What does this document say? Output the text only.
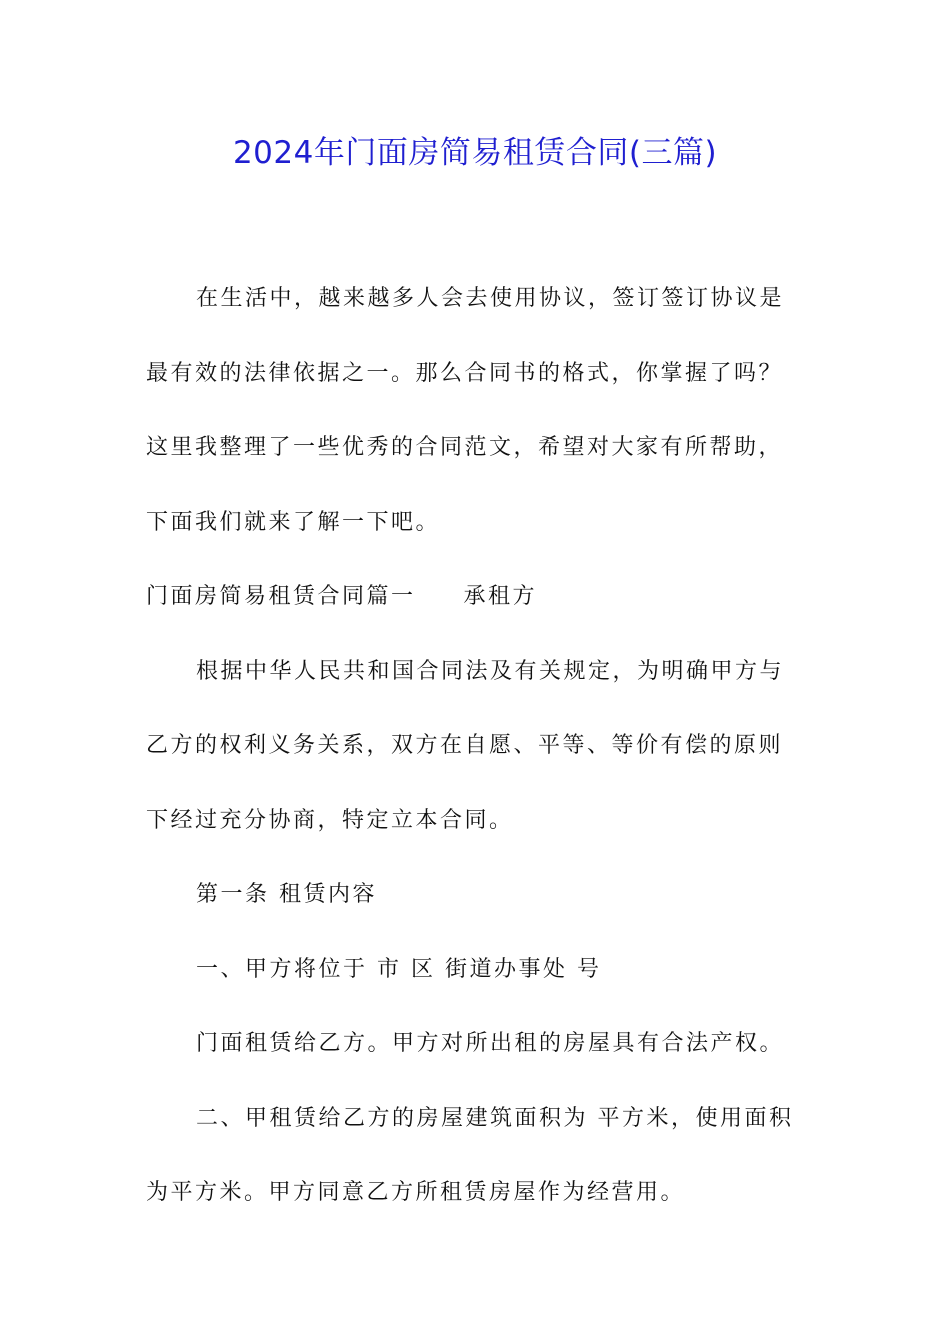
2024年门面房简易租赁合同(三篇)

在生活中，越来越多人会去使用协议，签订签订协议是最有效的法律依据之一。那么合同书的格式，你掌握了吗？这里我整理了一些优秀的合同范文，希望对大家有所帮助，下面我们就来了解一下吧。

门面房简易租赁合同篇一 承租方

根据中华人民共和国合同法及有关规定，为明确甲方与乙方的权利义务关系，双方在自愿、平等、等价有偿的原则下经过充分协商，特定立本合同。

第一条 租赁内容

一、甲方将位于 市 区 街道办事处 号

门面租赁给乙方。甲方对所出租的房屋具有合法产权。

二、甲租赁给乙方的房屋建筑面积为 平方米，使用面积为平方米。甲方同意乙方所租赁房屋作为经营用。
